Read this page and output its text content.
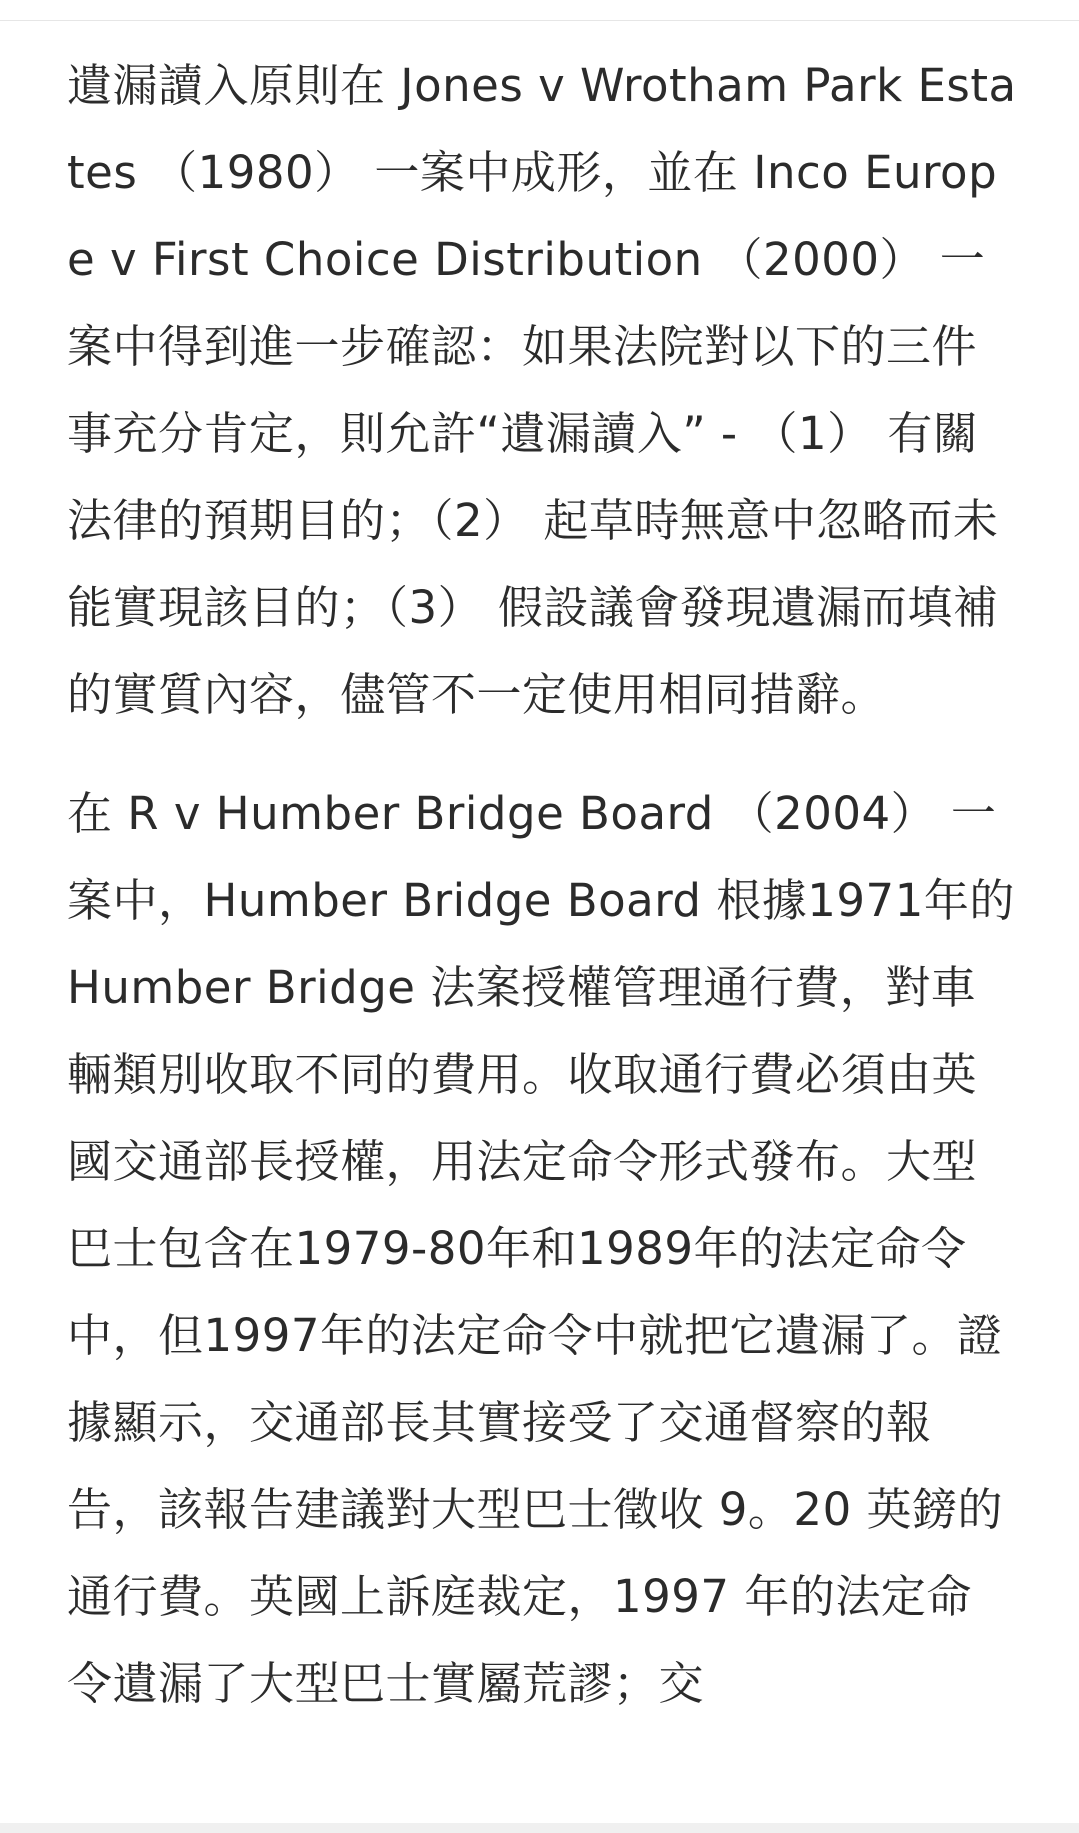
遺漏讀入原則在 Jones v Wrotham Park Estates （1980） 一案中成形，並在 Inco Europe v First Choice Distribution （2000） 一案中得到進一步確認：如果法院對以下的三件事充分肯定，則允許“遺漏讀入” - （1） 有關法律的預期目的；（2） 起草時無意中忽略而未能實現該目的；（3） 假設議會發現遺漏而填補的實質內容，儘管不一定使用相同措辭。

在 R v Humber Bridge Board （2004） 一案中，Humber Bridge Board 根據1971年的 Humber Bridge 法案授權管理通行費，對車輛類別收取不同的費用。收取通行費必須由英國交通部長授權，用法定命令形式發布。大型巴士包含在1979-80年和1989年的法定命令中，但1997年的法定命令中就把它遺漏了。證據顯示，交通部長其實接受了交通督察的報告，該報告建議對大型巴士徵收 9。20 英鎊的通行費。英國上訴庭裁定，1997 年的法定命令遺漏了大型巴士實屬荒謬；交
